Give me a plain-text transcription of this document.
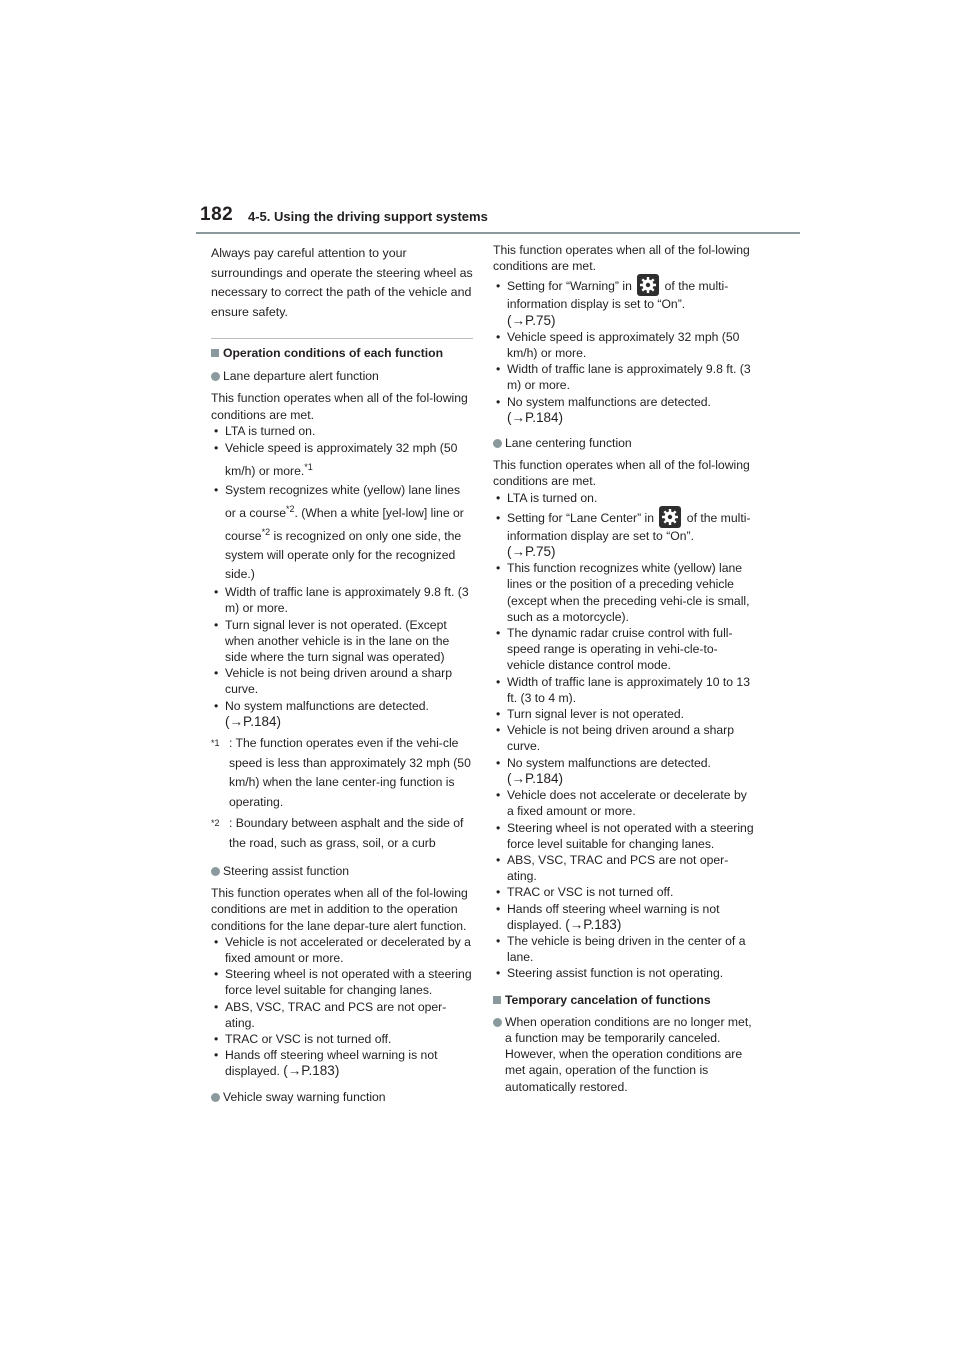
182 4-5. Using the driving support systems
Always pay careful attention to your surroundings and operate the steering wheel as necessary to correct the path of the vehicle and ensure safety.
Operation conditions of each function
Lane departure alert function
This function operates when all of the fol-lowing conditions are met.
• LTA is turned on.
• Vehicle speed is approximately 32 mph (50 km/h) or more.$^{*1}$
• System recognizes white (yellow) lane lines or a course$^{*2}$. (When a white [yel-low] line or course$^{*2}$ is recognized on only one side, the system will operate only for the recognized side.)
• Width of traffic lane is approximately 9.8 ft. (3 m) or more.
• Turn signal lever is not operated. (Except when another vehicle is in the lane on the side where the turn signal was operated)
• Vehicle is not being driven around a sharp curve.
• No system malfunctions are detected.
(→P.184)
$^{*1}$ : The function operates even if the vehi-cle speed is less than approximately 32 mph (50 km/h) when the lane center-ing function is operating.
$^{*2}$ : Boundary between asphalt and the side of the road, such as grass, soil, or a curb
Steering assist function
This function operates when all of the fol-lowing conditions are met in addition to the operation conditions for the lane depar-ture alert function.
• Vehicle is not accelerated or decelerated by a fixed amount or more.
• Steering wheel is not operated with a steering force level suitable for changing lanes.
• ABS, VSC, TRAC and PCS are not oper-ating.
• TRAC or VSC is not turned off.
• Hands off steering wheel warning is not displayed. (→P.183)
Vehicle sway warning function
This function operates when all of the fol-lowing conditions are met.
• Setting for “Warning” in	of the multi-information display is set to “On”.
(→P.75)
• Vehicle speed is approximately 32 mph (50 km/h) or more.
• Width of traffic lane is approximately 9.8 ft. (3 m) or more.
• No system malfunctions are detected.
(→P.184)
Lane centering function
This function operates when all of the fol-lowing conditions are met.
• LTA is turned on.
• Setting for “Lane Center” in	of the multi-information display are set to “On”.
(→P.75)
• This function recognizes white (yellow) lane lines or the position of a preceding vehicle (except when the preceding vehi-cle is small, such as a motorcycle).
• The dynamic radar cruise control with full-speed range is operating in vehi-cle-to-vehicle distance control mode.
• Width of traffic lane is approximately 10 to 13 ft. (3 to 4 m).
• Turn signal lever is not operated.
• Vehicle is not being driven around a sharp curve.
• No system malfunctions are detected.
(→P.184)
• Vehicle does not accelerate or decelerate by a fixed amount or more.
• Steering wheel is not operated with a steering force level suitable for changing lanes.
• ABS, VSC, TRAC and PCS are not oper-ating.
• TRAC or VSC is not turned off.
• Hands off steering wheel warning is not displayed. (→P.183)
• The vehicle is being driven in the center of a lane.
• Steering assist function is not operating.
Temporary cancelation of functions
When operation conditions are no longer met, a function may be temporarily canceled. However, when the operation conditions are met again, operation of the function is automatically restored.
